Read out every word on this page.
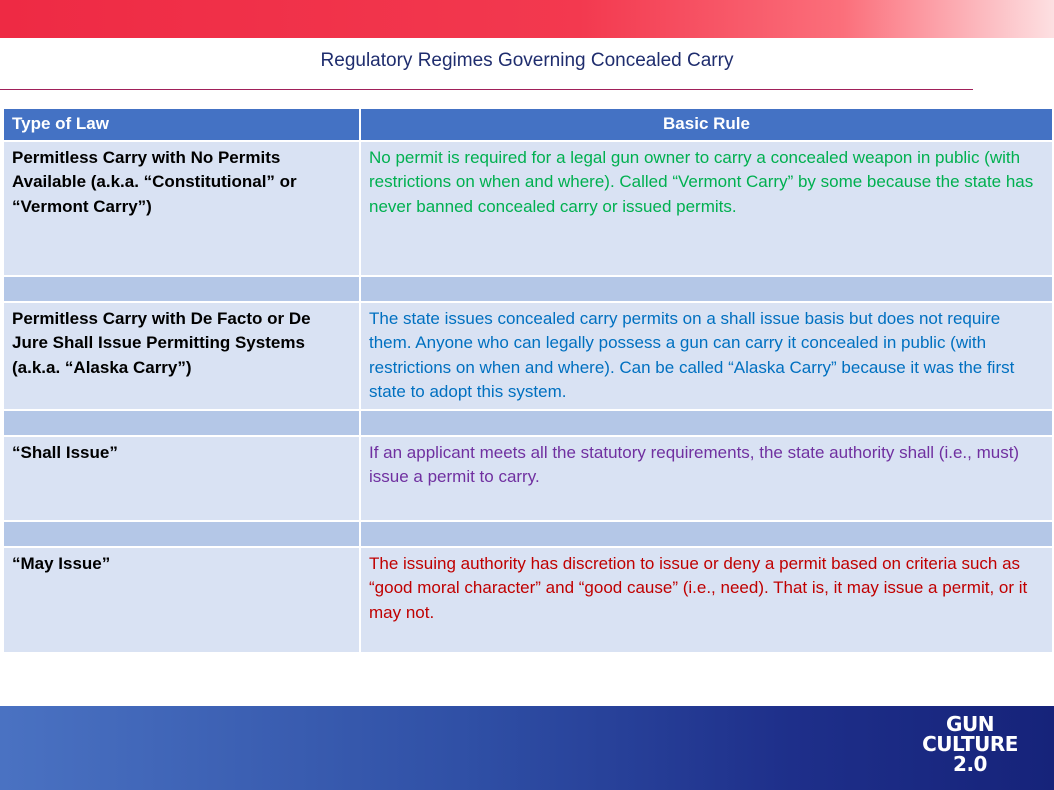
Regulatory Regimes Governing Concealed Carry
Type of Law	Basic Rule
Permitless Carry with No Permits Available (a.k.a. “Constitutional” or “Vermont Carry”)	No permit is required for a legal gun owner to carry a concealed weapon in public (with restrictions on when and where). Called “Vermont Carry” by some because the state has never banned concealed carry or issued permits.

Permitless Carry with De Facto or De Jure Shall Issue Permitting Systems (a.k.a. “Alaska Carry”)	The state issues concealed carry permits on a shall issue basis but does not require them. Anyone who can legally possess a gun can carry it concealed in public (with restrictions on when and where). Can be called “Alaska Carry” because it was the first state to adopt this system.

“Shall Issue”	If an applicant meets all the statutory requirements, the state authority shall (i.e., must) issue a permit to carry.

“May Issue”	The issuing authority has discretion to issue or deny a permit based on criteria such as “good moral character” and “good cause” (i.e., need). That is, it may issue a permit, or it may not.
GUN
CULTURE
2.0
